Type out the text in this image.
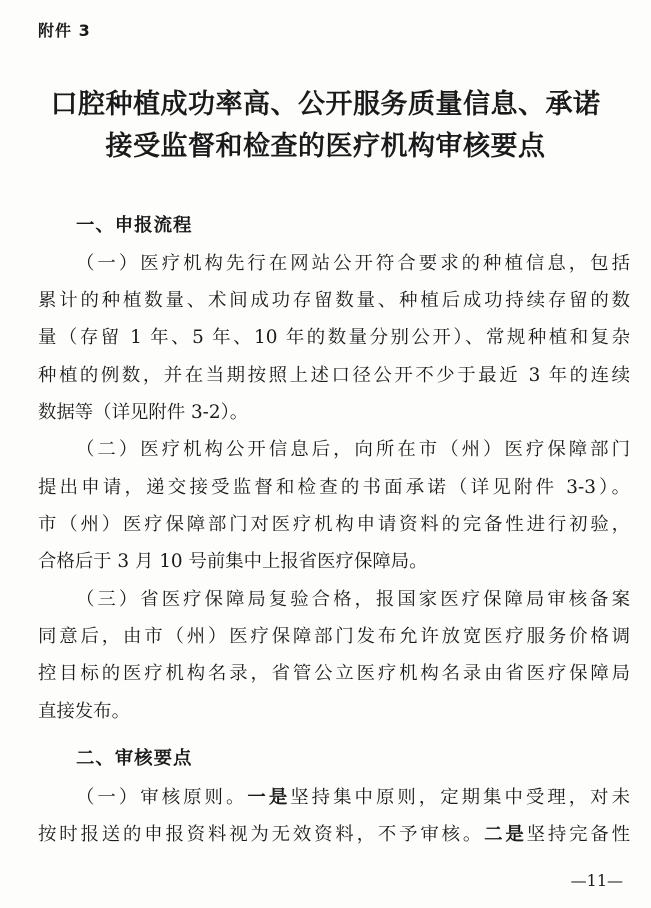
附件 3
口腔种植成功率高、公开服务质量信息、承诺
接受监督和检查的医疗机构审核要点
一、申报流程
（一）医疗机构先行在网站公开符合要求的种植信息，包括
累计的种植数量、术间成功存留数量、种植后成功持续存留的数
量（存留 1 年、5 年、10 年的数量分别公开）、常规种植和复杂
种植的例数，并在当期按照上述口径公开不少于最近 3 年的连续
数据等（详见附件 3-2）。
（二）医疗机构公开信息后，向所在市（州）医疗保障部门
提出申请，递交接受监督和检查的书面承诺（详见附件 3-3）。
市（州）医疗保障部门对医疗机构申请资料的完备性进行初验，
合格后于 3 月 10 号前集中上报省医疗保障局。
（三）省医疗保障局复验合格，报国家医疗保障局审核备案
同意后，由市（州）医疗保障部门发布允许放宽医疗服务价格调
控目标的医疗机构名录，省管公立医疗机构名录由省医疗保障局
直接发布。
二、审核要点
（一）审核原则。一是坚持集中原则，定期集中受理，对未
按时报送的申报资料视为无效资料，不予审核。二是坚持完备性
—11—
